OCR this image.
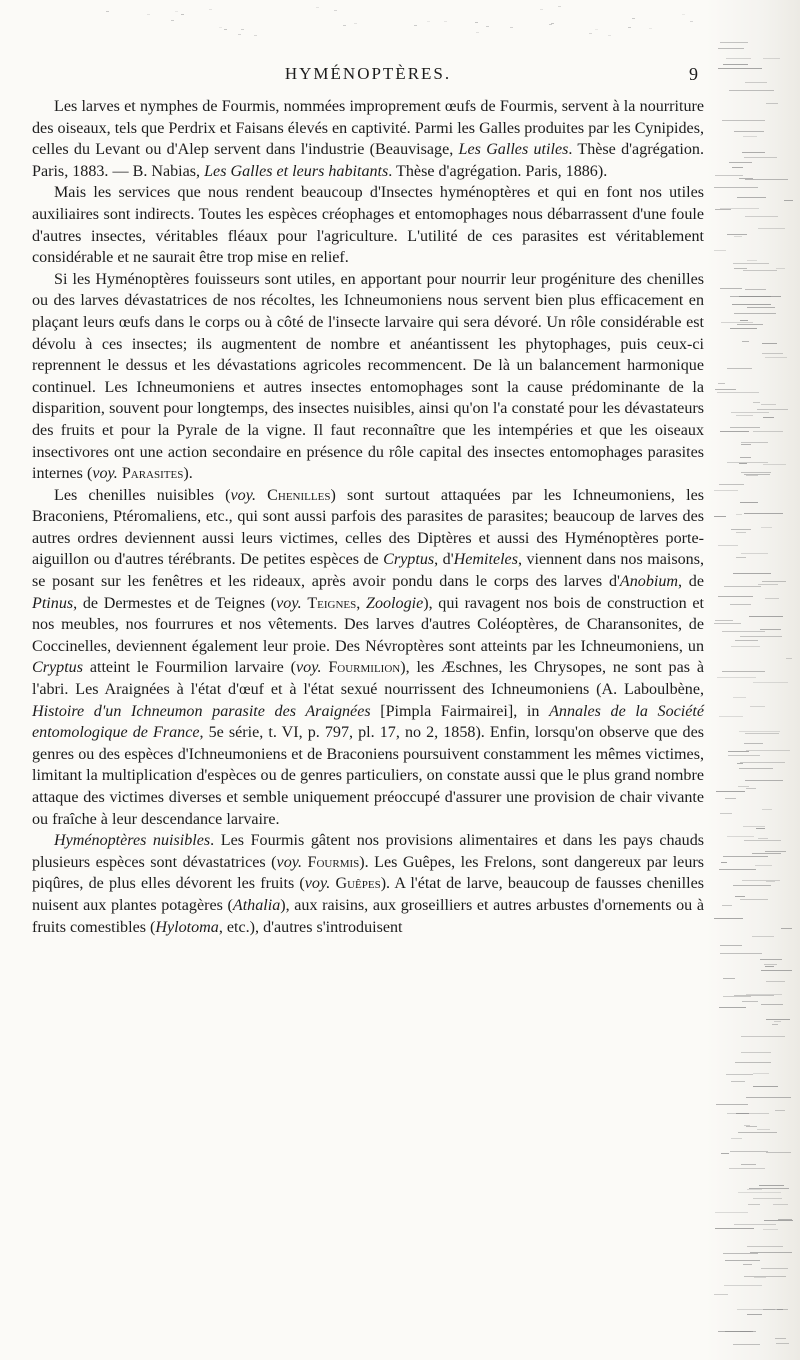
HYMÉNOPTÈRES.	9

Les larves et nymphes de Fourmis, nommées improprement œufs de Fourmis, servent à la nourriture des oiseaux, tels que Perdrix et Faisans élevés en captivité. Parmi les Galles produites par les Cynipides, celles du Levant ou d'Alep servent dans l'industrie (Beauvisage, Les Galles utiles. Thèse d'agrégation. Paris, 1883. — B. Nabias, Les Galles et leurs habitants. Thèse d'agrégation. Paris, 1886).

Mais les services que nous rendent beaucoup d'Insectes hyménoptères et qui en font nos utiles auxiliaires sont indirects. Toutes les espèces créophages et entomophages nous débarrassent d'une foule d'autres insectes, véritables fléaux pour l'agriculture. L'utilité de ces parasites est véritablement considérable et ne saurait être trop mise en relief.

Si les Hyménoptères fouisseurs sont utiles, en apportant pour nourrir leur progéniture des chenilles ou des larves dévastatrices de nos récoltes, les Ichneumoniens nous servent bien plus efficacement en plaçant leurs œufs dans le corps ou à côté de l'insecte larvaire qui sera dévoré. Un rôle considérable est dévolu à ces insectes; ils augmentent de nombre et anéantissent les phytophages, puis ceux-ci reprennent le dessus et les dévastations agricoles recommencent. De là un balancement harmonique continuel. Les Ichneumoniens et autres insectes entomophages sont la cause prédominante de la disparition, souvent pour longtemps, des insectes nuisibles, ainsi qu'on l'a constaté pour les dévastateurs des fruits et pour la Pyrale de la vigne. Il faut reconnaître que les intempéries et que les oiseaux insectivores ont une action secondaire en présence du rôle capital des insectes entomophages parasites internes (voy. Parasites).

Les chenilles nuisibles (voy. Chenilles) sont surtout attaquées par les Ichneumoniens, les Braconiens, Ptéromaliens, etc., qui sont aussi parfois des parasites de parasites; beaucoup de larves des autres ordres deviennent aussi leurs victimes, celles des Diptères et aussi des Hyménoptères porte-aiguillon ou d'autres térébrants. De petites espèces de Cryptus, d'Hemiteles, viennent dans nos maisons, se posant sur les fenêtres et les rideaux, après avoir pondu dans le corps des larves d'Anobium, de Ptinus, de Dermestes et de Teignes (voy. Teignes, Zoologie), qui ravagent nos bois de construction et nos meubles, nos fourrures et nos vêtements. Des larves d'autres Coléoptères, de Charansonites, de Coccinelles, deviennent également leur proie. Des Névroptères sont atteints par les Ichneumoniens, un Cryptus atteint le Fourmilion larvaire (voy. Fourmilion), les Æschnes, les Chrysopes, ne sont pas à l'abri. Les Araignées à l'état d'œuf et à l'état sexué nourrissent des Ichneumoniens (A. Laboulbène, Histoire d'un Ichneumon parasite des Araignées [Pimpla Fairmairei], in Annales de la Société entomologique de France, 5e série, t. VI, p. 797, pl. 17, no 2, 1858). Enfin, lorsqu'on observe que des genres ou des espèces d'Ichneumoniens et de Braconiens poursuivent constamment les mêmes victimes, limitant la multiplication d'espèces ou de genres particuliers, on constate aussi que le plus grand nombre attaque des victimes diverses et semble uniquement préoccupé d'assurer une provision de chair vivante ou fraîche à leur descendance larvaire.

Hyménoptères nuisibles. Les Fourmis gâtent nos provisions alimentaires et dans les pays chauds plusieurs espèces sont dévastatrices (voy. Fourmis). Les Guêpes, les Frelons, sont dangereux par leurs piqûres, de plus elles dévorent les fruits (voy. Guêpes). A l'état de larve, beaucoup de fausses chenilles nuisent aux plantes potagères (Athalia), aux raisins, aux groseilliers et autres arbustes d'ornements ou à fruits comestibles (Hylotoma, etc.), d'autres s'introduisent
